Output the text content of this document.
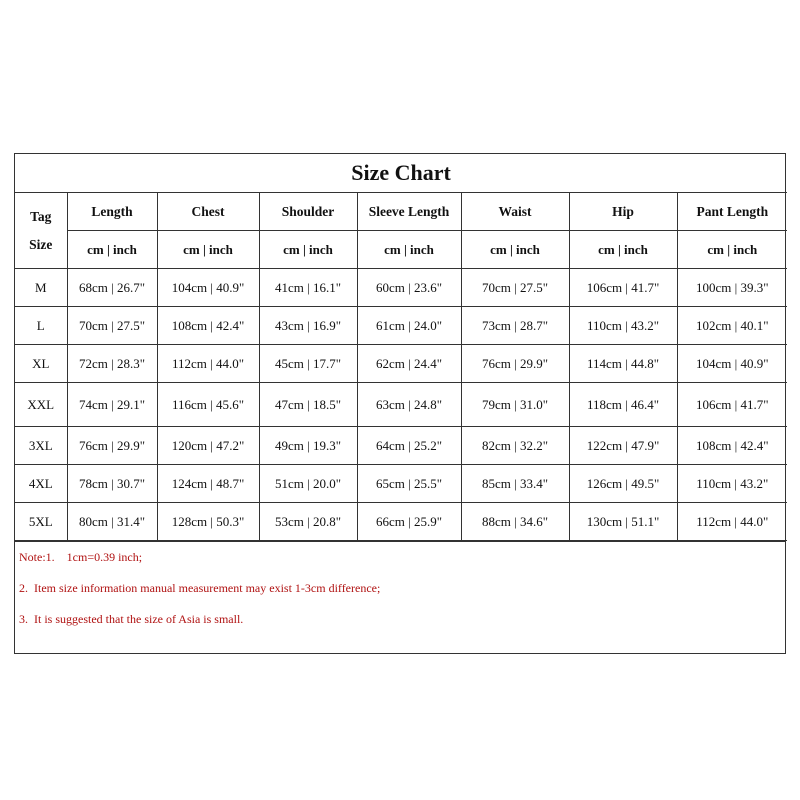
Size Chart							

Tag
Size	Length	Chest	Shoulder	Sleeve Length	Waist	Hip	Pant Length
	cm | inch	cm | inch	cm | inch	cm | inch	cm | inch	cm | inch	cm | inch
M	68cm | 26.7"	104cm | 40.9"	41cm | 16.1"	60cm | 23.6"	70cm | 27.5"	106cm | 41.7"	100cm | 39.3"
L	70cm | 27.5"	108cm | 42.4"	43cm | 16.9"	61cm | 24.0"	73cm | 28.7"	110cm | 43.2"	102cm | 40.1"
XL	72cm | 28.3"	112cm | 44.0"	45cm | 17.7"	62cm | 24.4"	76cm | 29.9"	114cm | 44.8"	104cm | 40.9"
XXL	74cm | 29.1"	116cm | 45.6"	47cm | 18.5"	63cm | 24.8"	79cm | 31.0"	118cm | 46.4"	106cm | 41.7"
3XL	76cm | 29.9"	120cm | 47.2"	49cm | 19.3"	64cm | 25.2"	82cm | 32.2"	122cm | 47.9"	108cm | 42.4"
4XL	78cm | 30.7"	124cm | 48.7"	51cm | 20.0"	65cm | 25.5"	85cm | 33.4"	126cm | 49.5"	110cm | 43.2"
5XL	80cm | 31.4"	128cm | 50.3"	53cm | 20.8"	66cm | 25.9"	88cm | 34.6"	130cm | 51.1"	112cm | 44.0"
Note:1.    1cm=0.39 inch;
2.  Item size information manual measurement may exist 1-3cm difference;
3.  It is suggested that the size of Asia is small.
